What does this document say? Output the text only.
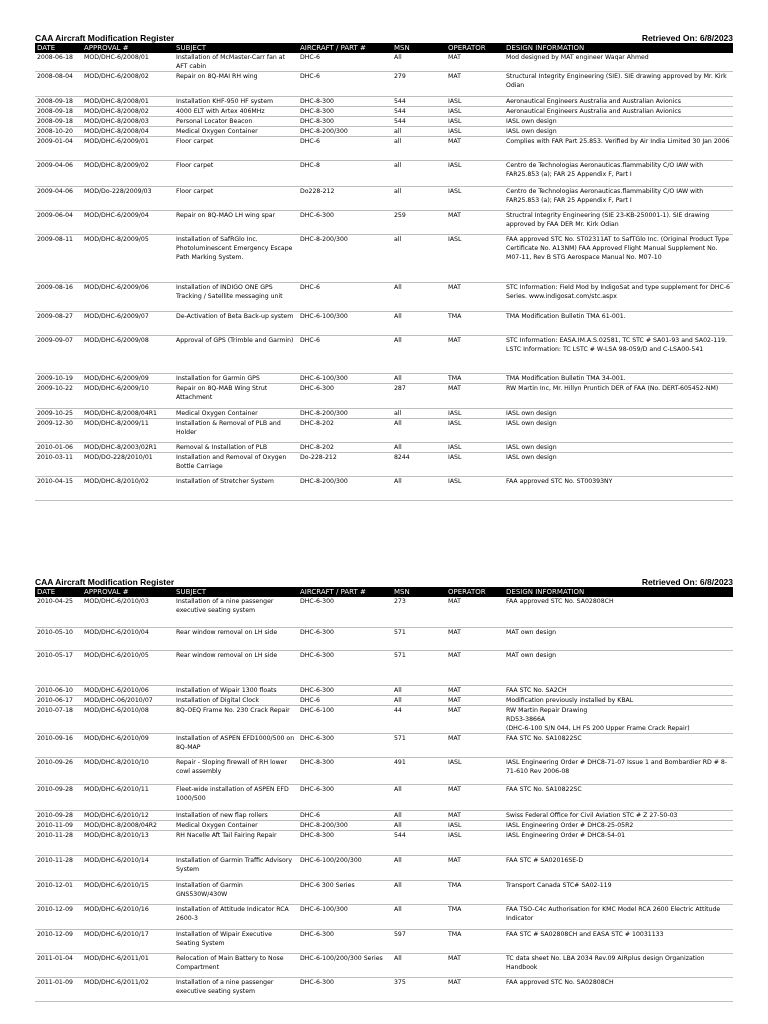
CAA Aircraft Modification Register	Retrieved On: 6/8/2023
DATE	APPROVAL #	SUBJECT	AIRCRAFT / PART #	MSN	OPERATOR	DESIGN INFORMATION
2008-06-18	MOD/DHC-6/2008/01	Installation of McMaster-Carr fan at AFT cabin	DHC-6	All	MAT	Mod designed by MAT engineer Waqar Ahmed
2008-08-04	MOD/DHC-6/2008/02	Repair on 8Q-MAI RH wing	DHC-6	279	MAT	Structural Integrity Engineering (SIE). SIE drawing approved by Mr. Kirk Odian
2008-09-18	MOD/DHC-8/2008/01	Installation KHF-950 HF system	DHC-8-300	544	IASL	Aeronautical Engineers Australia and Australian Avionics
2008-09-18	MOD/DHC-8/2008/02	4000 ELT with Artex 406MHz	DHC-8-300	544	IASL	Aeronautical Engineers Australia and Australian Avionics
2008-09-18	MOD/DHC-8/2008/03	Personal Locator Beacon	DHC-8-300	544	IASL	IASL own design
2008-10-20	MOD/DHC-8/2008/04	Medical Oxygen Container	DHC-8-200/300	all	IASL	IASL own design
2009-01-04	MOD/DHC-6/2009/01	Floor carpet	DHC-6	all	MAT	Complies with FAR Part 25.853. Verified by Air India Limited 30 Jan 2006
2009-04-06	MOD/DHC-8/2009/02	Floor carpet	DHC-8	all	IASL	Centro de Technologias Aeronauticas.flammability C/O IAW with FAR25.853 (a); FAR 25 Appendix F, Part I
2009-04-06	MOD/Do-228/2009/03	Floor carpet	Do228-212	all	IASL	Centro de Technologias Aeronauticas.flammability C/O IAW with FAR25.853 (a); FAR 25 Appendix F, Part I
2009-06-04	MOD/DHC-6/2009/04	Repair on 8Q-MAO LH wing spar	DHC-6-300	259	MAT	Structral Integrity Engineering (SIE 23-KB-250001-1). SIE drawing approved by FAA DER Mr. Kirk Odian
2009-08-11	MOD/DHC-8/2009/05	Installation of SafRGlo Inc. Photoluminescent Emergency Escape Path Marking System.	DHC-8-200/300	all	IASL	FAA approved STC No. ST02311AT to SafTGlo Inc. (Original Product Type Certificate No. A13NM) FAA Approved Flight Manual Supplement No. M07-11, Rev B STG Aerospace Manual No. M07-10
2009-08-16	MOD/DHC-6/2009/06	Installation of INDIGO ONE GPS Tracking / Satellite messaging unit	DHC-6	All	MAT	STC Information: Field Mod by IndigoSat and type supplement for DHC-6 Series. www.indigosat.com/stc.aspx
2009-08-27	MOD/DHC-6/2009/07	De-Activation of Beta Back-up system	DHC-6-100/300	All	TMA	TMA Modification Bulletin TMA 61-001.
2009-09-07	MOD/DHC-6/2009/08	Approval of GPS (Trimble and Garmin)	DHC-6	All	MAT	STC Information: EASA.IM.A.S.02581, TC STC # SA01-93 and SA02-119. LSTC Information: TC LSTC # W-LSA 98-059/D and C-LSA00-541
2009-10-19	MOD/DHC-6/2009/09	Installation for Garmin GPS	DHC-6-100/300	All	TMA	TMA Modification Bulletin TMA 34-001.
2009-10-22	MOD/DHC-6/2009/10	Repair on 8Q-MAB Wing Strut Attachment	DHC-6-300	287	MAT	RW Martin Inc, Mr. Hillyn Pruntich DER of FAA (No. DERT-605452-NM)
2009-10-25	MOD/DHC-8/2008/04R1	Medical Oxygen Container	DHC-8-200/300	all	IASL	IASL own design
2009-12-30	MOD/DHC-8/2009/11	Installation & Removal of PLB and Holder	DHC-8-202	All	IASL	IASL own design
2010-01-06	MOD/DHC-8/2003/02R1	Removal & Installation of PLB	DHC-8-202	All	IASL	IASL own design
2010-03-11	MOD/DO-228/2010/01	Installation and Removal of Oxygen Bottle Carriage	Do-228-212	8244	IASL	IASL own design
2010-04-15	MOD/DHC-8/2010/02	Installation of Stretcher System	DHC-8-200/300	All	IASL	FAA approved STC No. ST00393NY
CAA Aircraft Modification Register	Retrieved On: 6/8/2023
DATE	APPROVAL #	SUBJECT	AIRCRAFT / PART #	MSN	OPERATOR	DESIGN INFORMATION
2010-04-25	MOD/DHC-6/2010/03	Installation of a nine passenger executive seating system	DHC-6-300	273	MAT	FAA approved STC No. SA02808CH
2010-05-10	MOD/DHC-6/2010/04	Rear window removal on LH side	DHC-6-300	571	MAT	MAT own design
2010-05-17	MOD/DHC-6/2010/05	Rear window removal on LH side	DHC-6-300	571	MAT	MAT own design
2010-06-10	MOD/DHC-6/2010/06	Installation of Wipair 1300 floats	DHC-6-300	All	MAT	FAA STC No. SA2CH
2010-06-17	MOD/DHC-06/2010/07	Installation of Digital Clock	DHC-6	All	MAT	Modification previously installed by KBAL
2010-07-18	MOD/DHC-6/2010/08	8Q-OEQ Frame No. 230 Crack Repair	DHC-6-100	44	MAT	RW Martin Repair Drawing
RD53-3866A
(DHC-6-100 S/N 044, LH FS 200 Upper Frame Crack Repair)
2010-09-16	MOD/DHC-6/2010/09	Installation of ASPEN EFD1000/500 on 8Q-MAP	DHC-6-300	571	MAT	FAA STC No. SA10822SC
2010-09-26	MOD/DHC-8/2010/10	Repair - Sloping firewall of RH lower cowl assembly	DHC-8-300	491	IASL	IASL Engineering Order # DHC8-71-07 Issue 1 and Bombardier RD # 8-71-610 Rev 2006-08
2010-09-28	MOD/DHC-6/2010/11	Fleet-wide installation of ASPEN EFD 1000/500	DHC-6-300	All	MAT	FAA STC No. SA10822SC
2010-09-28	MOD/DHC-6/2010/12	Installation of new flap rollers	DHC-6	All	MAT	Swiss Federal Office for Civil Aviation STC # Z 27-50-03
2010-11-09	MOD/DHC-8/2008/04R2	Medical Oxygen Container	DHC-8-200/300	All	IASL	IASL Engineering Order # DHC8-25-05R2
2010-11-28	MOD/DHC-8/2010/13	RH Nacelle Aft Tail Fairing Repair	DHC-8-300	544	IASL	IASL Engineering Order # DHC8-54-01
2010-11-28	MOD/DHC-6/2010/14	Installation of Garmin Traffic Advisory System	DHC-6-100/200/300	All	MAT	FAA STC # SA02016SE-D
2010-12-01	MOD/DHC-6/2010/15	Installation of Garmin GNS530W/430W	DHC-6 300 Series	All	TMA	Transport Canada STC# SA02-119
2010-12-09	MOD/DHC-6/2010/16	Installation of Attitude Indicator RCA 2600-3	DHC-6-100/300	All	TMA	FAA TSO-C4c Authorisation for KMC Model RCA 2600 Electric Attitude Indicator
2010-12-09	MOD/DHC-6/2010/17	Installation of Wipair Executive Seating System	DHC-6-300	597	TMA	FAA STC # SA02808CH and EASA STC # 10031133
2011-01-04	MOD/DHC-6/2011/01	Relocation of Main Battery to Nose Compartment	DHC-6-100/200/300 Series	All	MAT	TC data sheet No. LBA 2034 Rev.09 AIRplus design Organization Handbook
2011-01-09	MOD/DHC-6/2011/02	Installation of a nine passenger executive seating system	DHC-6-300	375	MAT	FAA approved STC No. SA02808CH
